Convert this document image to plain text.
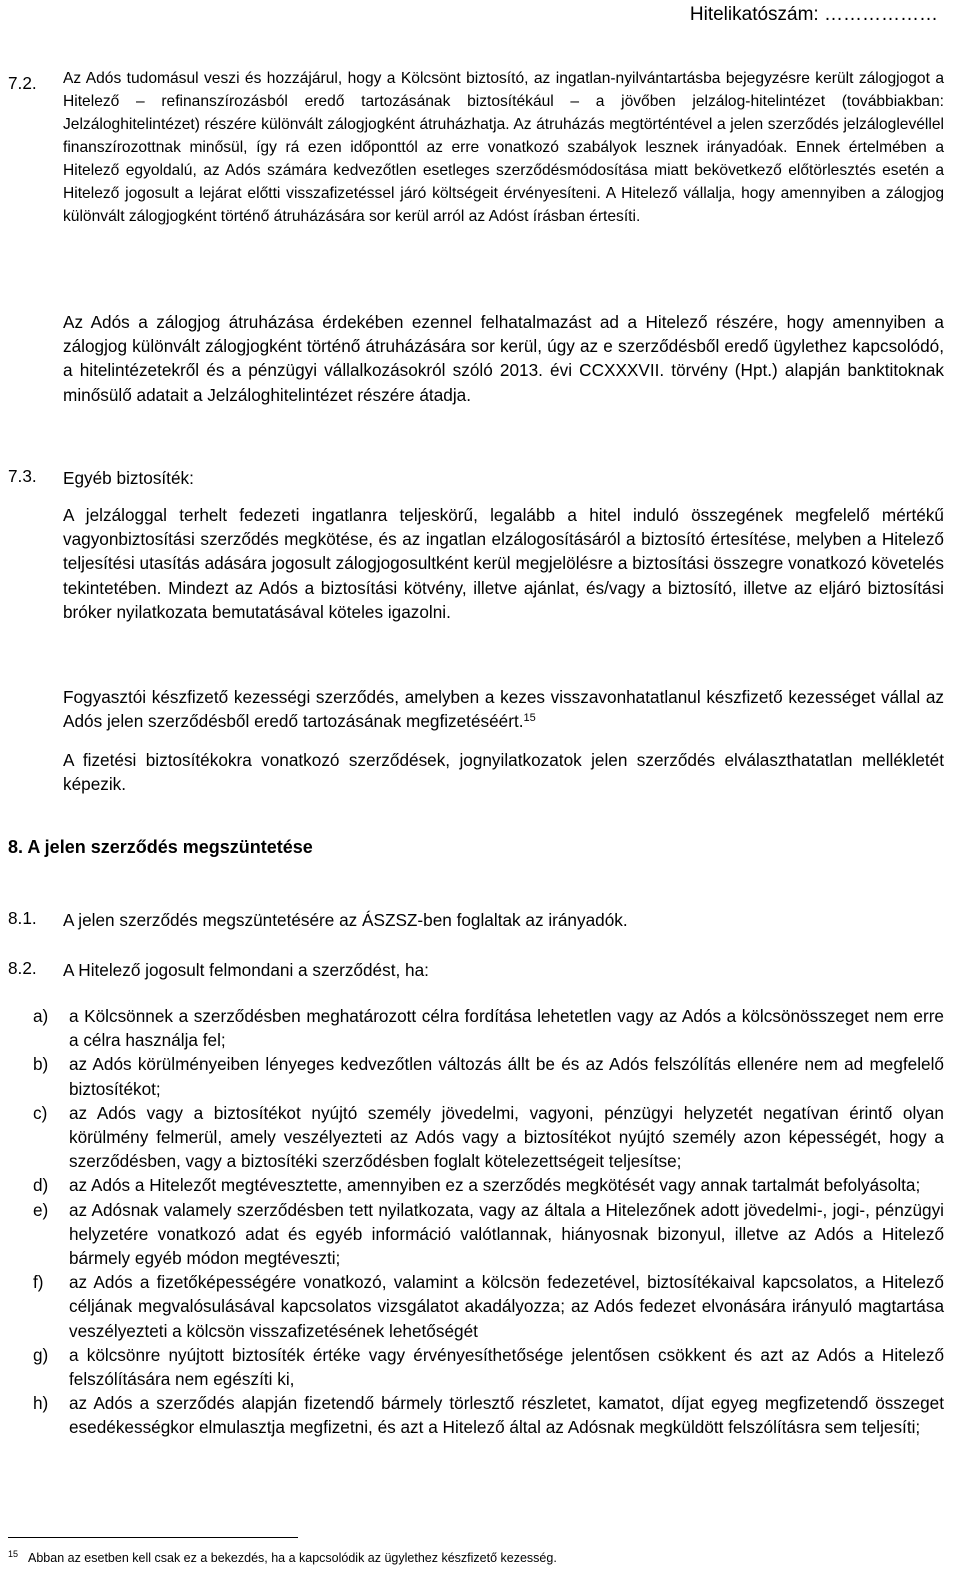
Hitelikatószám: ………………
7.2. Az Adós tudomásul veszi és hozzájárul, hogy a Kölcsönt biztosító, az ingatlan-nyilvántartásba bejegyzésre került zálogjogot a Hitelező – refinanszírozásból eredő tartozásának biztosítékául – a jövőben jelzálog-hitelintézet (továbbiakban: Jelzáloghitelintézet) részére különvált zálogjogként átruházhatja. Az átruházás megtörténtével a jelen szerződés jelzáloglevéllel finanszírozottnak minősül, így rá ezen időponttól az erre vonatkozó szabályok lesznek irányadóak. Ennek értelmében a Hitelező egyoldalú, az Adós számára kedvezőtlen esetleges szerződésmódosítása miatt bekövetkező előtörlesztés esetén a Hitelező jogosult a lejárat előtti visszafizetéssel járó költségeit érvényesíteni. A Hitelező vállalja, hogy amennyiben a zálogjog különvált zálogjogként történő átruházására sor kerül arról az Adóst írásban értesíti.
Az Adós a zálogjog átruházása érdekében ezennel felhatalmazást ad a Hitelező részére, hogy amennyiben a zálogjog különvált zálogjogként történő átruházására sor kerül, úgy az e szerződésből eredő ügylethez kapcsolódó, a hitelintézetekről és a pénzügyi vállalkozásokról szóló 2013. évi CCXXXVII. törvény (Hpt.) alapján banktitoknak minősülő adatait a Jelzáloghitelintézet részére átadja.
7.3. Egyéb biztosíték:
A jelzáloggal terhelt fedezeti ingatlanra teljeskörű, legalább a hitel induló összegének megfelelő mértékű vagyonbiztosítási szerződés megkötése, és az ingatlan elzálogosításáról a biztosító értesítése, melyben a Hitelező teljesítési utasítás adására jogosult zálogjogosultként kerül megjelölésre a biztosítási összegre vonatkozó követelés tekintetében. Mindezt az Adós a biztosítási kötvény, illetve ajánlat, és/vagy a biztosító, illetve az eljáró biztosítási bróker nyilatkozata bemutatásával köteles igazolni.
Fogyasztói készfizető kezességi szerződés, amelyben a kezes visszavonhatatlanul készfizető kezességet vállal az Adós jelen szerződésből eredő tartozásának megfizetéséért.$^{15}$
A fizetési biztosítékokra vonatkozó szerződések, jognyilatkozatok jelen szerződés elválaszthatatlan mellékletét képezik.
8. A jelen szerződés megszüntetése
8.1. A jelen szerződés megszüntetésére az ÁSZSZ-ben foglaltak az irányadók.
8.2. A Hitelező jogosult felmondani a szerződést, ha:
a)	a Kölcsönnek a szerződésben meghatározott célra fordítása lehetetlen vagy az Adós a kölcsönösszeget nem erre a célra használja fel;
b)	az Adós körülményeiben lényeges kedvezőtlen változás állt be és az Adós felszólítás ellenére nem ad megfelelő biztosítékot;
c)	az Adós vagy a biztosítékot nyújtó személy jövedelmi, vagyoni, pénzügyi helyzetét negatívan érintő olyan körülmény felmerül, amely veszélyezteti az Adós vagy a biztosítékot nyújtó személy azon képességét, hogy a szerződésben, vagy a biztosítéki szerződésben foglalt kötelezettségeit teljesítse;
d)	az Adós a Hitelezőt megtévesztette, amennyiben ez a szerződés megkötését vagy annak tartalmát befolyásolta;
e)	az Adósnak valamely szerződésben tett nyilatkozata, vagy az általa a Hitelezőnek adott jövedelmi-, jogi-, pénzügyi helyzetére vonatkozó adat és egyéb információ valótlannak, hiányosnak bizonyul, illetve az Adós a Hitelező bármely egyéb módon megtéveszti;
f)	az Adós a fizetőképességére vonatkozó, valamint a kölcsön fedezetével, biztosítékaival kapcsolatos, a Hitelező céljának megvalósulásával kapcsolatos vizsgálatot akadályozza; az Adós fedezet elvonására irányuló magtartása veszélyezteti a kölcsön visszafizetésének lehetőségét
g)	a kölcsönre nyújtott biztosíték értéke vagy érvényesíthetősége jelentősen csökkent és azt az Adós a Hitelező felszólítására nem egészíti ki,
h)	az Adós a szerződés alapján fizetendő bármely törlesztő részletet, kamatot, díjat egyeg megfizetendő összeget esedékességkor elmulasztja megfizetni, és azt a Hitelező által az Adósnak megküldött felszólításra sem teljesíti;
$^{15}$ Abban az esetben kell csak ez a bekezdés, ha a kapcsolódik az ügylethez készfizető kezesség.
